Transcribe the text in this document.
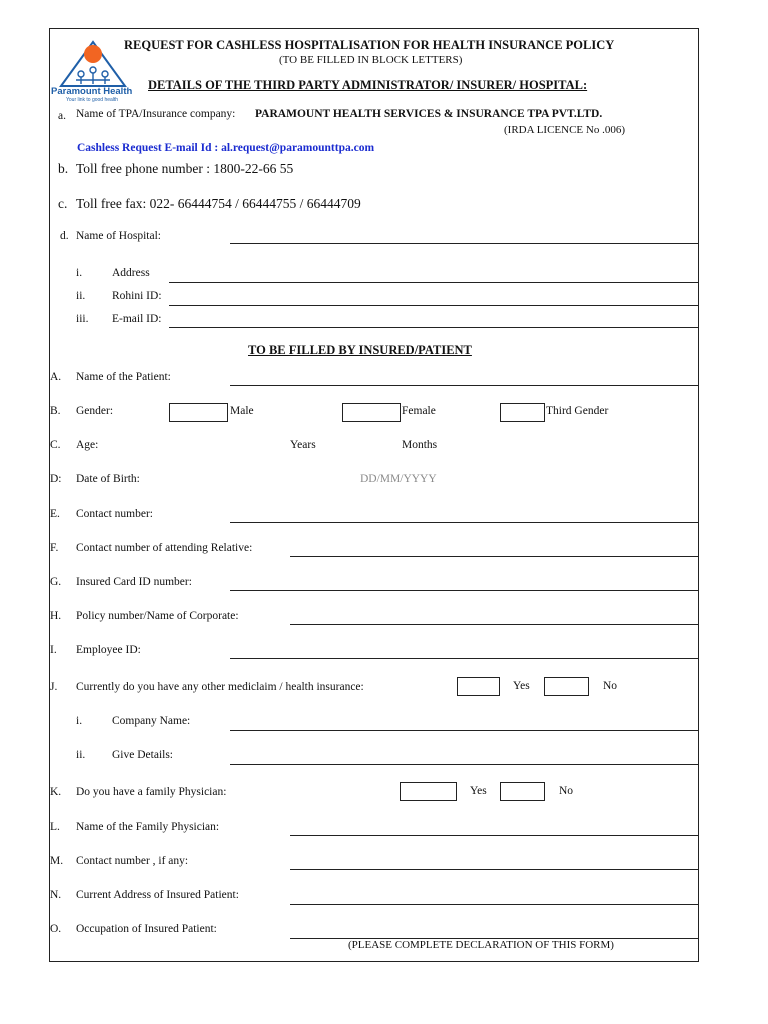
Paramount Health
Your link to good health
REQUEST FOR CASHLESS HOSPITALISATION FOR HEALTH INSURANCE POLICY
(TO BE FILLED IN BLOCK LETTERS)
DETAILS OF THE THIRD PARTY ADMINISTRATOR/ INSURER/ HOSPITAL:
a. Name of TPA/Insurance company: PARAMOUNT HEALTH SERVICES & INSURANCE TPA PVT.LTD.
(IRDA LICENCE No .006)
Cashless Request E-mail Id : al.request@paramounttpa.com
b. Toll free phone number : 1800-22-66 55
c. Toll free fax: 022- 66444754 / 66444755 / 66444709
d. Name of Hospital:
i.	Address
ii. Rohini ID:
iii. E-mail ID:
TO BE FILLED BY INSURED/PATIENT
A. Name of the Patient:
B. Gender:	Male	Female	Third Gender
C. Age:	Years	Months
D: Date of Birth:	DD/MM/YYYY
E. Contact number:
F. Contact number of attending Relative:
G. Insured Card ID number:
H. Policy number/Name of Corporate:
I. Employee ID:
J. Currently do you have any other mediclaim / health insurance:	Yes	No
i.	Company Name:
ii. Give Details:
K. Do you have a family Physician:	Yes	No
L. Name of the Family Physician:
M. Contact number , if any:
N. Current Address of Insured Patient:
O. Occupation of Insured Patient:
(PLEASE COMPLETE DECLARATION OF THIS FORM)
